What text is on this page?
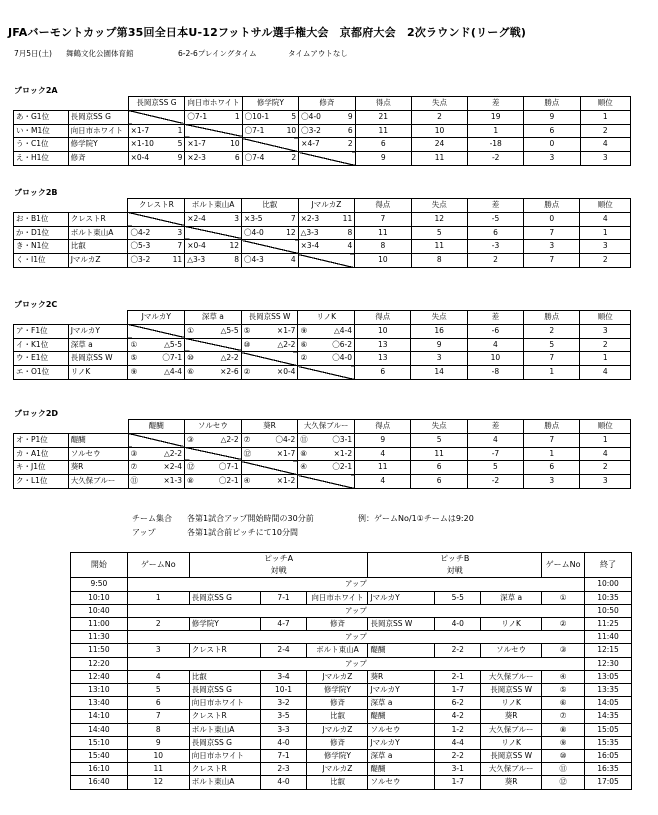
JFAバーモントカップ第35回全日本U-12フットサル選手権大会　京都府大会　2次ラウンド(リーグ戦)
7月5日(土) 舞鶴文化公園体育館	6-2-6プレイングタイム	タイムアウトなし
ブロック2A
		長岡京SS G	向日市ホワイト	修学院Y	修斉	得点	失点	差	勝点	順位
あ・G1位	長岡京SS G		〇7-1 1	〇10-1 5	〇4-0 9	21	2	19	9	1
い・M1位	向日市ホワイト	×1-7 1		〇7-1 10	〇3-2 6	11	10	1	6	2
う・C1位	修学院Y	×1-10 5	×1-7 10		×4-7 2	6	24	-18	0	4
え・H1位	修斉	×0-4 9	×2-3 6	〇7-4 2		9	11	-2	3	3
ブロック2B
		クレストR	ボルト東山A	比叡	JマルカZ	得点	失点	差	勝点	順位
お・B1位	クレストR		×2-4 3	×3-5 7	×2-3 11	7	12	-5	0	4
か・D1位	ボルト東山A	〇4-2 3		〇4-0 12	△3-3 8	11	5	6	7	1
き・N1位	比叡	〇5-3 7	×0-4 12		×3-4 4	8	11	-3	3	3
く・I1位	JマルカZ	〇3-2 11	△3-3 8	〇4-3 4		10	8	2	7	2
ブロック2C
		JマルカY	深草 a	長岡京SS W	リノK	得点	失点	差	勝点	順位
ア・F1位	JマルカY		① △5-5	⑤ ×1-7	⑨ △4-4	10	16	-6	2	3
イ・K1位	深草 a	① △5-5		⑩ △2-2	⑥ 〇6-2	13	9	4	5	2
ウ・E1位	長岡京SS W	⑤ 〇7-1	⑩ △2-2		② 〇4-0	13	3	10	7	1
エ・O1位	リノK	⑨ △4-4	⑥ ×2-6	② ×0-4		6	14	-8	1	4
ブロック2D
		醍醐	ソルセウ	葵R	大久保ブルー	得点	失点	差	勝点	順位
オ・P1位	醍醐		③ △2-2	⑦ 〇4-2	⑪ 〇3-1	9	5	4	7	1
カ・A1位	ソルセウ	③ △2-2		⑫ ×1-7	⑧ ×1-2	4	11	-7	1	4
キ・J1位	葵R	⑦ ×2-4	⑫ 〇7-1		④ 〇2-1	11	6	5	6	2
ク・L1位	大久保ブルー	⑪ ×1-3	⑧ 〇2-1	④ ×1-2		4	6	-2	3	3
チーム集合 各第1試合アップ開始時間の30分前	例：ゲームNo/1①チームは9:20
アップ	各第1試合前ピッチにて10分間
開始	ゲームNo	ピッチA			ピッチB			ゲームNo	終了
		対戦			対戦				
9:50	アップ								10:00
10:10	1	長岡京SS G	7-1	向日市ホワイト	JマルカY	5-5	深草 a	①	10:35
10:40	アップ								10:50
11:00	2	修学院Y	4-7	修斉	長岡京SS W	4-0	リノK	②	11:25
11:30	アップ								11:40
11:50	3	クレストR	2-4	ボルト東山A	醍醐	2-2	ソルセウ	③	12:15
12:20	アップ								12:30
12:40	4	比叡	3-4	JマルカZ	葵R	2-1	大久保ブルー	④	13:05
13:10	5	長岡京SS G	10-1	修学院Y	JマルカY	1-7	長岡京SS W	⑤	13:35
13:40	6	向日市ホワイト	3-2	修斉	深草 a	6-2	リノK	⑥	14:05
14:10	7	クレストR	3-5	比叡	醍醐	4-2	葵R	⑦	14:35
14:40	8	ボルト東山A	3-3	JマルカZ	ソルセウ	1-2	大久保ブルー	⑧	15:05
15:10	9	長岡京SS G	4-0	修斉	JマルカY	4-4	リノK	⑨	15:35
15:40	10	向日市ホワイト	7-1	修学院Y	深草 a	2-2	長岡京SS W	⑩	16:05
16:10	11	クレストR	2-3	JマルカZ	醍醐	3-1	大久保ブルー	⑪	16:35
16:40	12	ボルト東山A	4-0	比叡	ソルセウ	1-7	葵R	⑫	17:05
